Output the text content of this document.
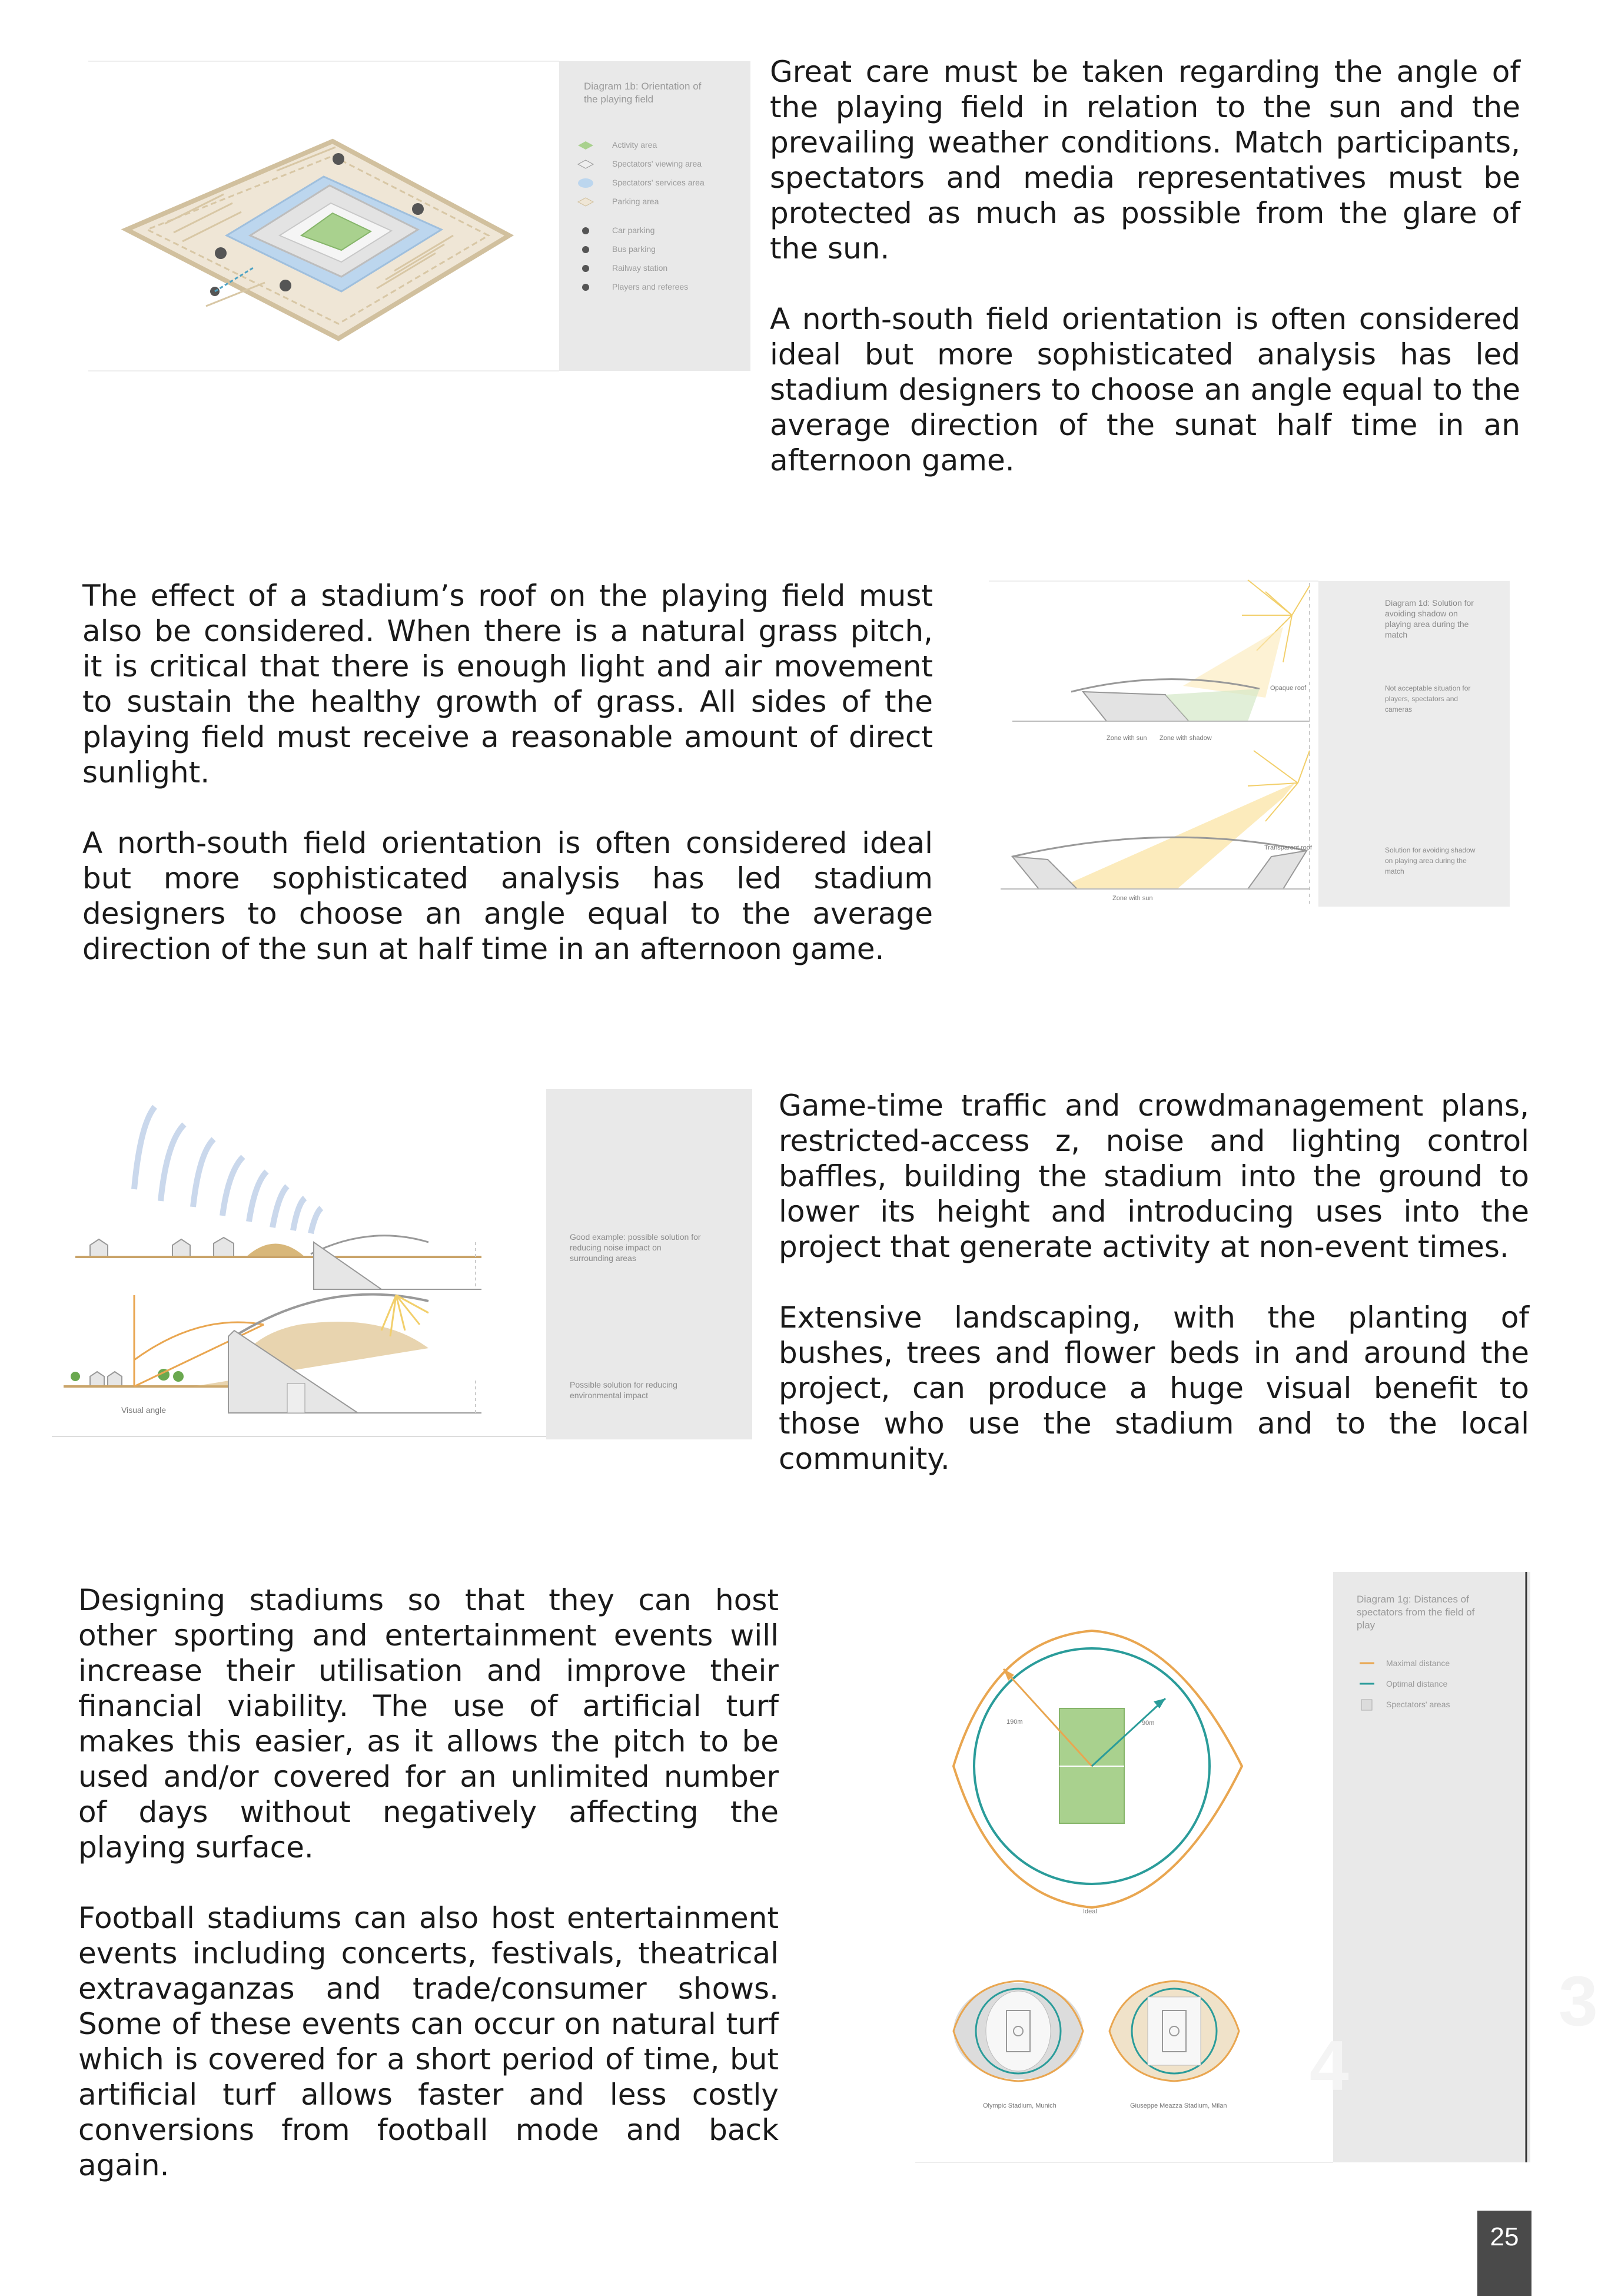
Diagram 1b: Orientation of the playing field
Activity area
Spectators' viewing area
Spectators' services area
Parking area
Car parking
Bus parking
Railway station
Players and referees

Great care must be taken regarding the angle of the playing field in relation to the sun and the prevailing weather conditions. Match participants, spectators and media representatives must be protected as much as possible from the glare of the sun.

A north-south field orientation is often considered ideal but more sophisticated analysis has led stadium designers to choose an angle equal to the average direction of the sunat half time in an afternoon game.

The effect of a stadium’s roof on the playing field must also be considered. When there is a natural grass pitch, it is critical that there is enough light and air movement to sustain the healthy growth of grass. All sides of the playing field must receive a reasonable amount of direct sunlight.

A north-south field orientation is often considered ideal but more sophisticated analysis has led stadium designers to choose an angle equal to the average direction of the sun at half time in an afternoon game.

Opaque roof
Zone with sun Zone with shadow
Transparent roof
Zone with sun
Diagram 1d: Solution for avoiding shadow on playing area during the match
Not acceptable situation for players, spectators and cameras
Solution for avoiding shadow on playing area during the match
Visual angle
Good example: possible solution for reducing noise impact on surrounding areas
Possible solution for reducing environmental impact

Game-time traffic and crowdmanagement plans, restricted-access z, noise and lighting control baffles, building the stadium into the ground to lower its height and introducing uses into the project that generate activity at non-event times.

Extensive landscaping, with the planting of bushes, trees and flower beds in and around the project, can produce a huge visual benefit to those who use the stadium and to the local community.

Designing stadiums so that they can host other sporting and entertainment events will increase their utilisation and improve their financial viability. The use of artificial turf makes this easier, as it allows the pitch to be used and/or covered for an unlimited number of days without negatively affecting the playing surface.

Football stadiums can also host entertainment events including concerts, festivals, theatrical extravaganzas and trade/consumer shows. Some of these events can occur on natural turf which is covered for a short period of time, but artificial turf allows faster and less costly conversions from football mode and back again.

190m	90m
Ideal
Olympic Stadium, Munich	Giuseppe Meazza Stadium, Milan
Diagram 1g: Distances of spectators from the field of play
Maximal distance
Optimal distance
Spectators' areas
4
3
25
